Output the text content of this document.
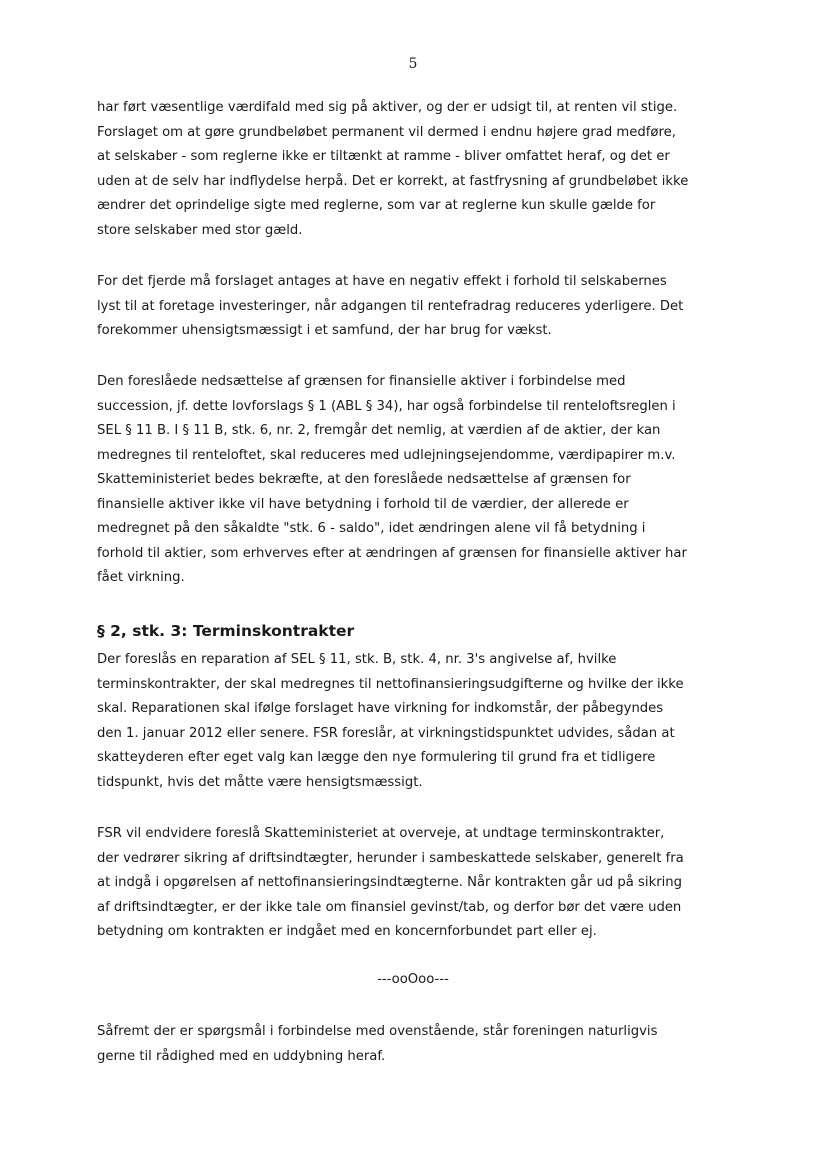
5
har ført væsentlige værdifald med sig på aktiver, og der er udsigt til, at renten vil stige.
Forslaget om at gøre grundbeløbet permanent vil dermed i endnu højere grad medføre,
at selskaber - som reglerne ikke er tiltænkt at ramme - bliver omfattet heraf, og det er
uden at de selv har indflydelse herpå. Det er korrekt, at fastfrysning af grundbeløbet ikke
ændrer det oprindelige sigte med reglerne, som var at reglerne kun skulle gælde for
store selskaber med stor gæld.
For det fjerde må forslaget antages at have en negativ effekt i forhold til selskabernes
lyst til at foretage investeringer, når adgangen til rentefradrag reduceres yderligere. Det
forekommer uhensigtsmæssigt i et samfund, der har brug for vækst.
Den foreslåede nedsættelse af grænsen for finansielle aktiver i forbindelse med
succession, jf. dette lovforslags § 1 (ABL § 34), har også forbindelse til renteloftsreglen i
SEL § 11 B. I § 11 B, stk. 6, nr. 2, fremgår det nemlig, at værdien af de aktier, der kan
medregnes til renteloftet, skal reduceres med udlejningsejendomme, værdipapirer m.v.
Skatteministeriet bedes bekræfte, at den foreslåede nedsættelse af grænsen for
finansielle aktiver ikke vil have betydning i forhold til de værdier, der allerede er
medregnet på den såkaldte "stk. 6 - saldo", idet ændringen alene vil få betydning i
forhold til aktier, som erhverves efter at ændringen af grænsen for finansielle aktiver har
fået virkning.
§ 2, stk. 3: Terminskontrakter
Der foreslås en reparation af SEL § 11, stk. B, stk. 4, nr. 3's angivelse af, hvilke
terminskontrakter, der skal medregnes til nettofinansieringsudgifterne og hvilke der ikke
skal. Reparationen skal ifølge forslaget have virkning for indkomstår, der påbegyndes
den 1. januar 2012 eller senere. FSR foreslår, at virkningstidspunktet udvides, sådan at
skatteyderen efter eget valg kan lægge den nye formulering til grund fra et tidligere
tidspunkt, hvis det måtte være hensigtsmæssigt.
FSR vil endvidere foreslå Skatteministeriet at overveje, at undtage terminskontrakter,
der vedrører sikring af driftsindtægter, herunder i sambeskattede selskaber, generelt fra
at indgå i opgørelsen af nettofinansieringsindtægterne. Når kontrakten går ud på sikring
af driftsindtægter, er der ikke tale om finansiel gevinst/tab, og derfor bør det være uden
betydning om kontrakten er indgået med en koncernforbundet part eller ej.
---ooOoo---
Såfremt der er spørgsmål i forbindelse med ovenstående, står foreningen naturligvis
gerne til rådighed med en uddybning heraf.
